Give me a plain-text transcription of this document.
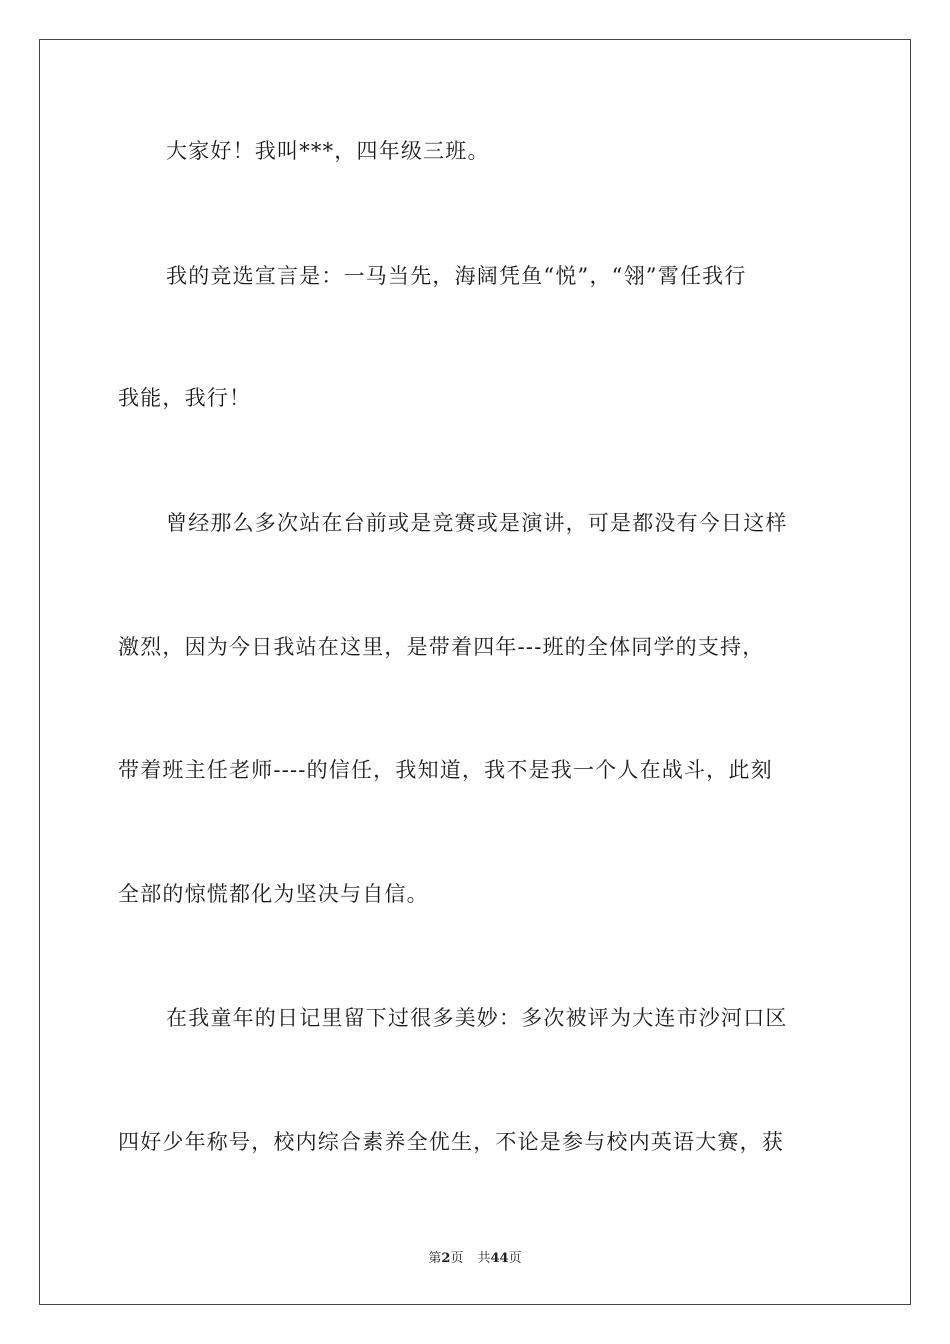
大家好！我叫***，四年级三班。
我的竞选宣言是：一马当先，海阔凭鱼“悦”，“翎”霄任我行
我能，我行！
曾经那么多次站在台前或是竞赛或是演讲，可是都没有今日这样
激烈，因为今日我站在这里，是带着四年---班的全体同学的支持，
带着班主任老师----的信任，我知道，我不是我一个人在战斗，此刻
全部的惊慌都化为坚决与自信。
在我童年的日记里留下过很多美妙：多次被评为大连市沙河口区
四好少年称号，校内综合素养全优生，不论是参与校内英语大赛，获
第2页 共44页
